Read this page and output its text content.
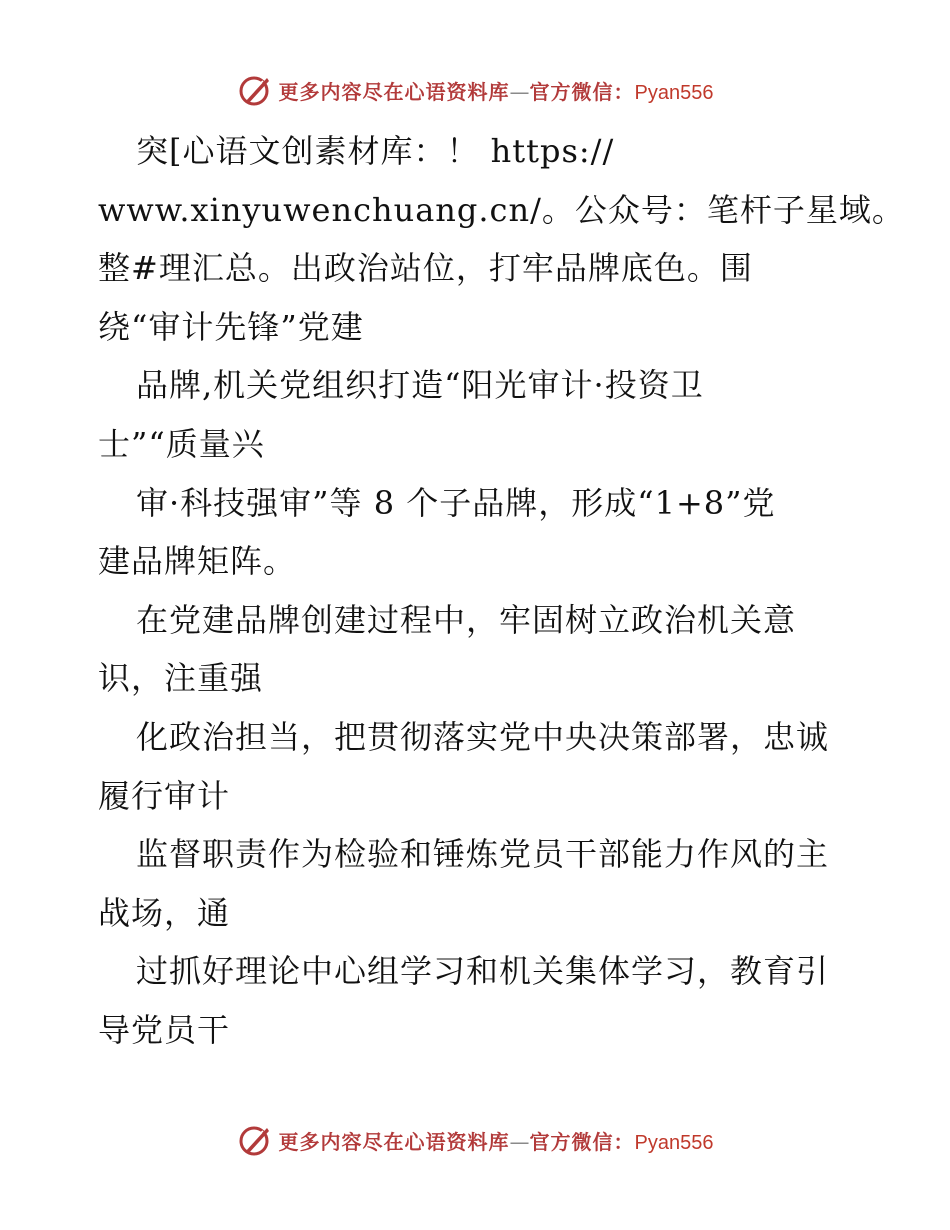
更多内容尽在心语资料库 — 官方微信： Pyan556
突[心语文创素材库：！ https://
www.xinyuwenchuang.cn/。公众号：笔杆子星域。
整#理汇总。出政治站位，打牢品牌底色。围
绕“审计先锋”党建
品牌,机关党组织打造“阳光审计·投资卫
士”“质量兴
审·科技强审”等 8 个子品牌，形成“1+8”党
建品牌矩阵。
在党建品牌创建过程中，牢固树立政治机关意
识，注重强
化政治担当，把贯彻落实党中央决策部署，忠诚
履行审计
监督职责作为检验和锤炼党员干部能力作风的主
战场，通
过抓好理论中心组学习和机关集体学习，教育引
导党员干
更多内容尽在心语资料库 — 官方微信： Pyan556
